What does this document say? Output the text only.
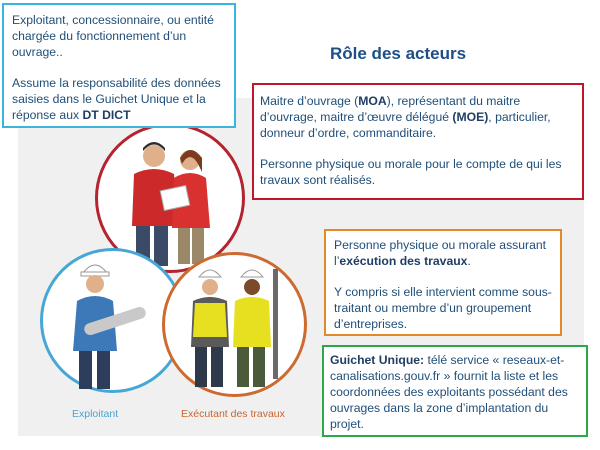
Rôle des acteurs
Exploitant	Exécutant des travaux

Exploitant, concessionnaire, ou entité chargée du fonctionnement d’un ouvrage..

Assume la responsabilité des données saisies dans le Guichet Unique et la réponse aux DT DICT

Maitre d’ouvrage (MOA), représentant du maitre d’ouvrage, maitre d’œuvre délégué (MOE), particulier, donneur d’ordre, commanditaire.

Personne physique ou morale pour le compte de qui les travaux sont réalisés.

Personne physique ou morale assurant l’exécution des travaux.

Y compris si elle intervient comme sous-traitant ou membre d’un groupement d’entreprises.

Guichet Unique: télé service « reseaux-et-canalisations.gouv.fr » fournit la liste et les coordonnées des exploitants possédant des ouvrages dans la zone d’implantation du projet.
